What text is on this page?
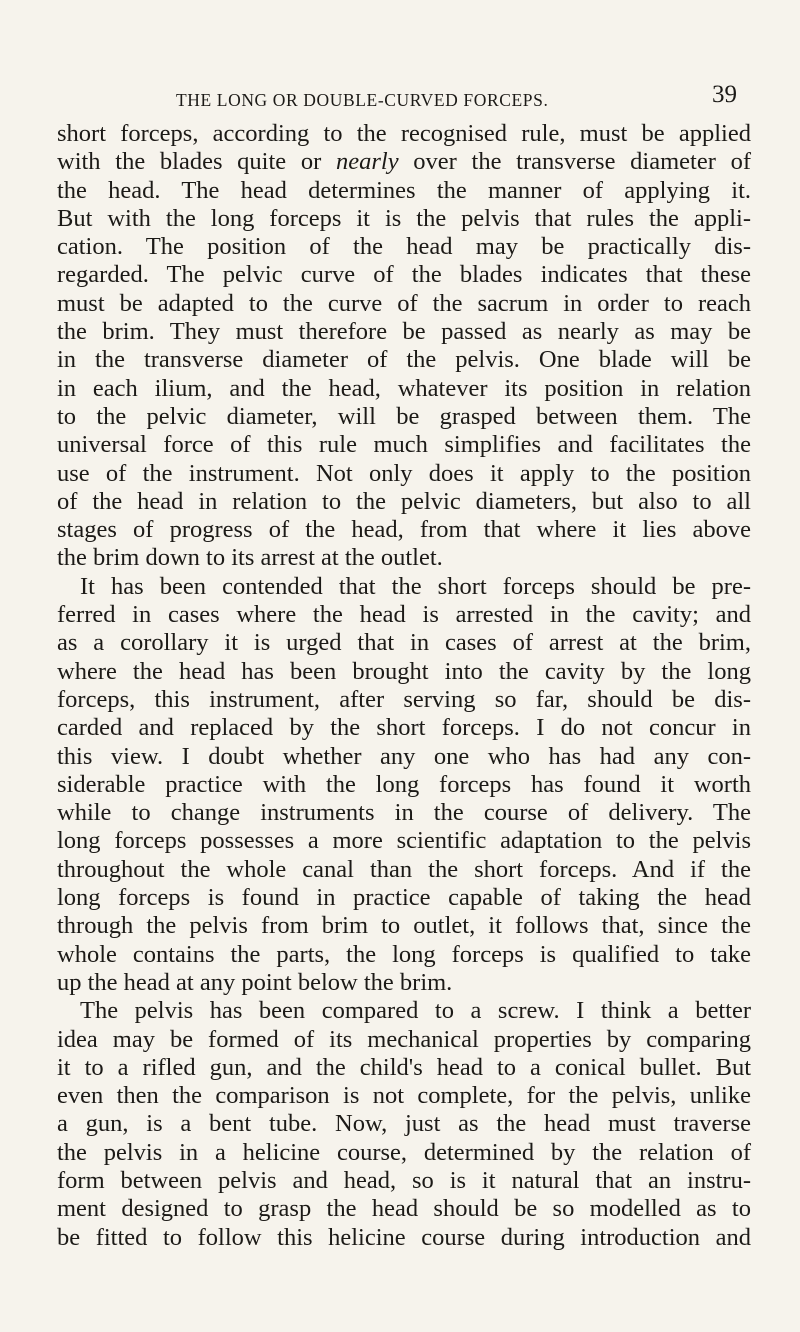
THE LONG OR DOUBLE-CURVED FORCEPS.	39
short forceps, according to the recognised rule, must be applied
with the blades quite or nearly over the transverse diameter of
the head. The head determines the manner of applying it.
But with the long forceps it is the pelvis that rules the appli-
cation. The position of the head may be practically dis-
regarded. The pelvic curve of the blades indicates that these
must be adapted to the curve of the sacrum in order to reach
the brim. They must therefore be passed as nearly as may be
in the transverse diameter of the pelvis. One blade will be
in each ilium, and the head, whatever its position in relation
to the pelvic diameter, will be grasped between them. The
universal force of this rule much simplifies and facilitates the
use of the instrument. Not only does it apply to the position
of the head in relation to the pelvic diameters, but also to all
stages of progress of the head, from that where it lies above
the brim down to its arrest at the outlet.
It has been contended that the short forceps should be pre-
ferred in cases where the head is arrested in the cavity; and
as a corollary it is urged that in cases of arrest at the brim,
where the head has been brought into the cavity by the long
forceps, this instrument, after serving so far, should be dis-
carded and replaced by the short forceps. I do not concur in
this view. I doubt whether any one who has had any con-
siderable practice with the long forceps has found it worth
while to change instruments in the course of delivery. The
long forceps possesses a more scientific adaptation to the pelvis
throughout the whole canal than the short forceps. And if the
long forceps is found in practice capable of taking the head
through the pelvis from brim to outlet, it follows that, since the
whole contains the parts, the long forceps is qualified to take
up the head at any point below the brim.
The pelvis has been compared to a screw. I think a better
idea may be formed of its mechanical properties by comparing
it to a rifled gun, and the child's head to a conical bullet. But
even then the comparison is not complete, for the pelvis, unlike
a gun, is a bent tube. Now, just as the head must traverse
the pelvis in a helicine course, determined by the relation of
form between pelvis and head, so is it natural that an instru-
ment designed to grasp the head should be so modelled as to
be fitted to follow this helicine course during introduction and
